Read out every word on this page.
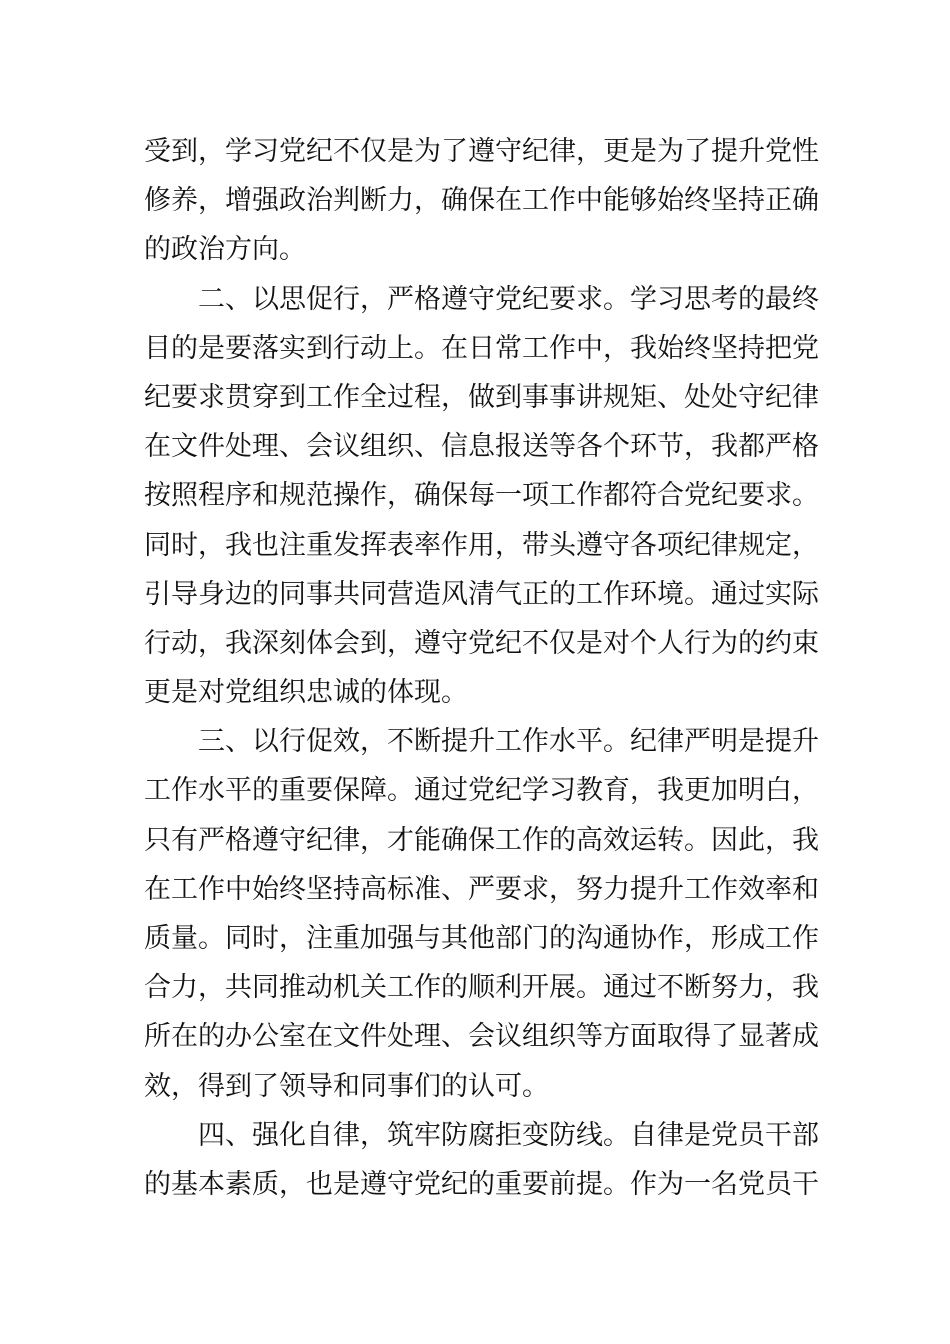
受到，学习党纪不仅是为了遵守纪律，更是为了提升党性
修养，增强政治判断力，确保在工作中能够始终坚持正确
的政治方向。
二、以思促行，严格遵守党纪要求。学习思考的最终
目的是要落实到行动上。在日常工作中，我始终坚持把党
纪要求贯穿到工作全过程，做到事事讲规矩、处处守纪律
在文件处理、会议组织、信息报送等各个环节，我都严格
按照程序和规范操作，确保每一项工作都符合党纪要求。
同时，我也注重发挥表率作用，带头遵守各项纪律规定，
引导身边的同事共同营造风清气正的工作环境。通过实际
行动，我深刻体会到，遵守党纪不仅是对个人行为的约束
更是对党组织忠诚的体现。
三、以行促效，不断提升工作水平。纪律严明是提升
工作水平的重要保障。通过党纪学习教育，我更加明白，
只有严格遵守纪律，才能确保工作的高效运转。因此，我
在工作中始终坚持高标准、严要求，努力提升工作效率和
质量。同时，注重加强与其他部门的沟通协作，形成工作
合力，共同推动机关工作的顺利开展。通过不断努力，我
所在的办公室在文件处理、会议组织等方面取得了显著成
效，得到了领导和同事们的认可。
四、强化自律，筑牢防腐拒变防线。自律是党员干部
的基本素质，也是遵守党纪的重要前提。作为一名党员干
